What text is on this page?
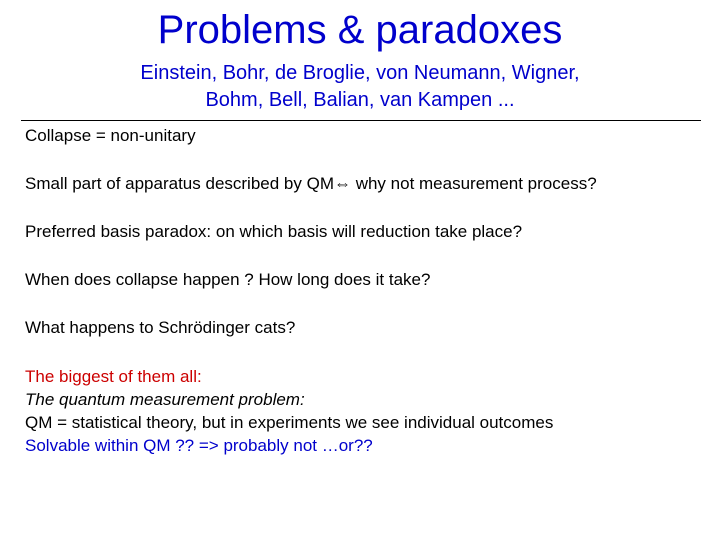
Problems & paradoxes
Einstein, Bohr, de Broglie, von Neumann, Wigner,
Bohm, Bell, Balian, van Kampen ...
Collapse = non-unitary
Small part of apparatus described by QM⇔ why not measurement process?
Preferred basis paradox: on which basis will reduction take place?
When does collapse happen ? How long does it take?
What happens to Schrödinger cats?
The biggest of them all:
The quantum measurement problem:
QM = statistical theory, but in experiments we see individual outcomes
Solvable within QM ?? => probably not …or??
